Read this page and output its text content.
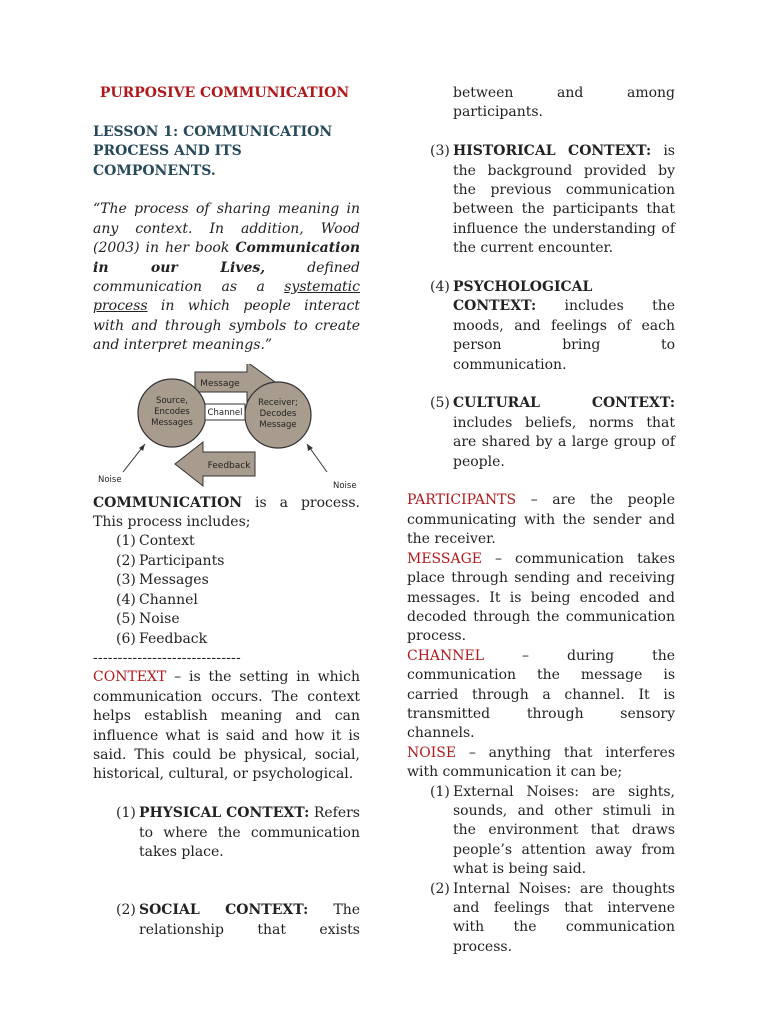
PURPOSIVE COMMUNICATION

LESSON 1: COMMUNICATION

PROCESS AND ITS COMPONENTS.

“The process of sharing meaning in any context. In addition, Wood (2003) in her book Communication in our Lives, defined communication as a systematic process in which people interact with and through symbols to create and interpret meanings.”

Message
Source,
Encodes
Messages
Channel
Receiver;
Decodes
Message
Feedback
Noise
Noise

COMMUNICATION is a process. This process includes;

(1) Context
(2) Participants
(3) Messages
(4) Channel
(5) Noise
(6) Feedback

------------------------------

CONTEXT – is the setting in which communication occurs. The context helps establish meaning and can influence what is said and how it is said. This could be physical, social, historical, cultural, or psychological.

(1) PHYSICAL CONTEXT: Refers to where the communication takes place.
(2) SOCIAL CONTEXT: The relationship that exists
between and among participants.
(3) HISTORICAL CONTEXT: is the background provided by the previous communication between the participants that influence the understanding of the current encounter.
(4) PSYCHOLOGICAL CONTEXT: includes the moods, and feelings of each person bring to communication.
(5) CULTURAL CONTEXT: includes beliefs, norms that are shared by a large group of people.

PARTICIPANTS – are the people communicating with the sender and the receiver.

MESSAGE – communication takes place through sending and receiving messages. It is being encoded and decoded through the communication process.

CHANNEL – during the communication the message is carried through a channel. It is transmitted through sensory channels.

NOISE – anything that interferes with communication it can be;

(1) External Noises: are sights, sounds, and other stimuli in the environment that draws people’s attention away from what is being said.
(2) Internal Noises: are thoughts and feelings that intervene with the communication process.
